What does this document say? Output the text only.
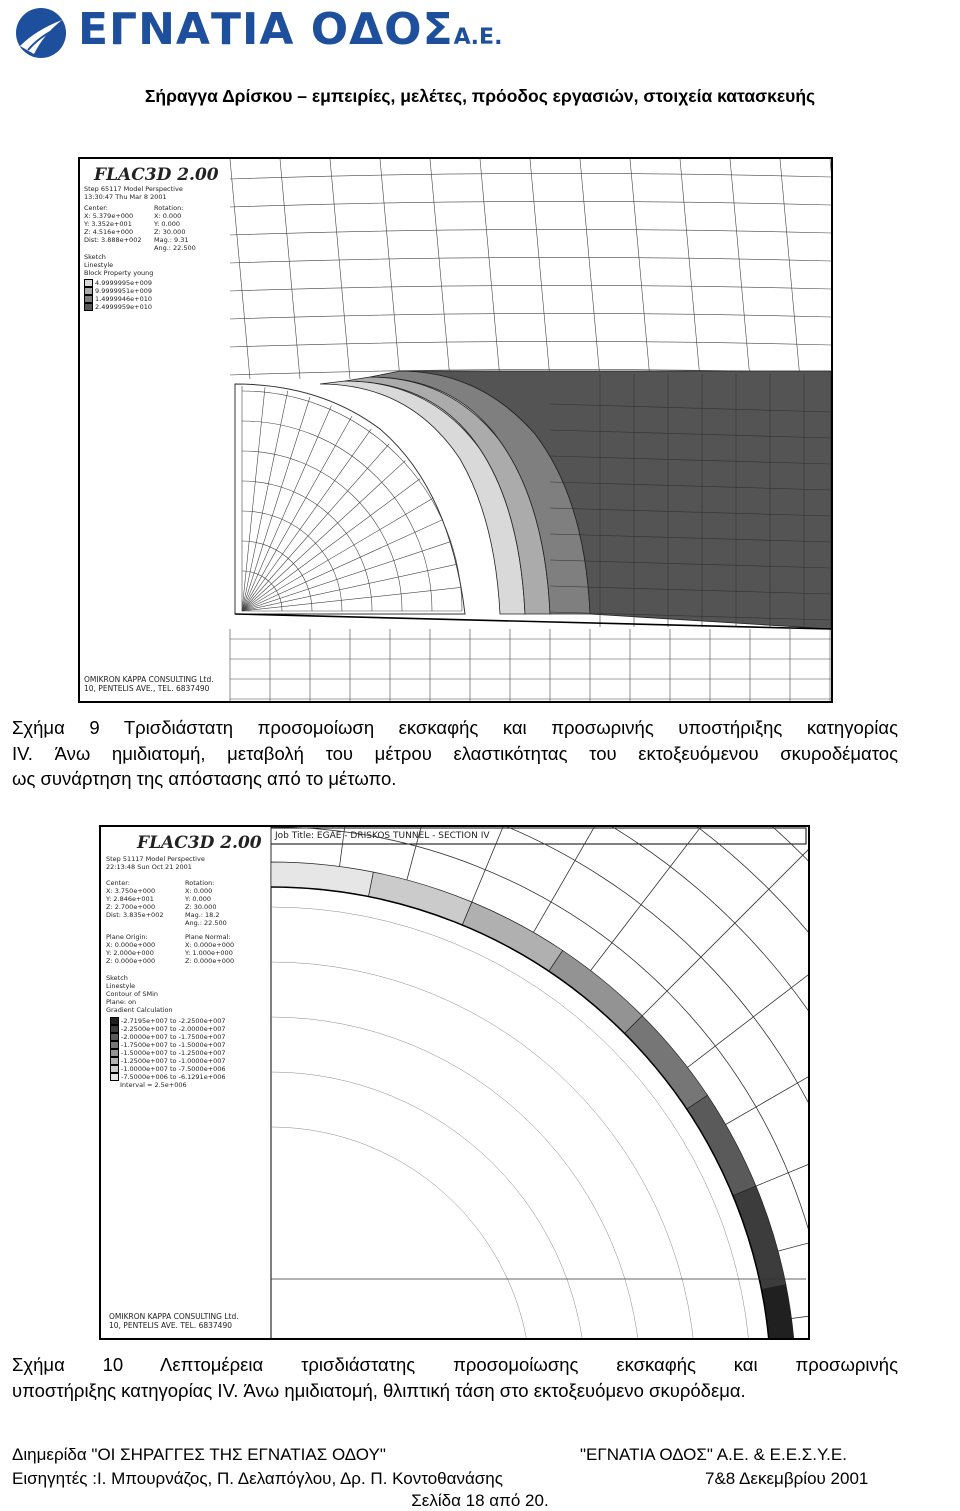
ΕΓΝΑΤΙΑ ΟΔΟΣΑ.Ε.
Σήραγγα Δρίσκου – εμπειρίες, μελέτες, πρόοδος εργασιών, στοιχεία κατασκευής
FLAC3D 2.00
Step 65117 Model Perspective
13:30:47 Thu Mar 8 2001
Center:
X: 5.379e+000
Y: 3.352e+001
Z: 4.516e+000
Dist: 3.888e+002
Rotation:
X: 0.000
Y: 0.000
Z: 30.000
Mag.: 9.31
Ang.: 22.500
Sketch
Linestyle
Block Property young
4.9999995e+009
9.9999951e+009
1.4999946e+010
2.4999959e+010
OMIKRON KAPPA CONSULTING Ltd.
10, PENTELIS AVE., TEL. 6837490
Σχήμα 9 Τρισδιάστατη προσομοίωση εκσκαφής και προσωρινής υποστήριξης κατηγορίας
IV. Άνω ημιδιατομή, μεταβολή του μέτρου ελαστικότητας του εκτοξευόμενου σκυροδέματος
ως συνάρτηση της απόστασης από το μέτωπο.
FLAC3D 2.00 Job Title: EGAE - DRISKOS TUNNEL - SECTION IV
Step 51117 Model Perspective
22:13:48 Sun Oct 21 2001
Center:
X: 3.750e+000
Y: 2.846e+001
Z: 2.700e+000
Dist: 3.835e+002
Rotation:
X: 0.000
Y: 0.000
Z: 30.000
Mag.: 18.2
Ang.: 22.500
Plane Origin:
X: 0.000e+000
Y: 2.000e+000
Z: 0.000e+000
Plane Normal:
X: 0.000e+000
Y: 1.000e+000
Z: 0.000e+000
Sketch
Linestyle
Contour of SMin
Plane: on
Gradient Calculation
-2.7195e+007 to -2.2500e+007
-2.2500e+007 to -2.0000e+007
-2.0000e+007 to -1.7500e+007
-1.7500e+007 to -1.5000e+007
-1.5000e+007 to -1.2500e+007
-1.2500e+007 to -1.0000e+007
-1.0000e+007 to -7.5000e+006
-7.5000e+006 to -6.1291e+006
Interval = 2.5e+006
OMIKRON KAPPA CONSULTING Ltd.
10, PENTELIS AVE. TEL. 6837490
Σχήμα 10 Λεπτομέρεια τρισδιάστατης προσομοίωσης εκσκαφής και προσωρινής
υποστήριξης κατηγορίας IV. Άνω ημιδιατομή, θλιπτική τάση στο εκτοξευόμενο σκυρόδεμα.
Διημερίδα "ΟΙ ΣΗΡΑΓΓΕΣ ΤΗΣ ΕΓΝΑΤΙΑΣ ΟΔΟΥ"	"ΕΓΝΑΤΙΑ ΟΔΟΣ" Α.Ε. & Ε.Ε.Σ.Υ.Ε.
Εισηγητές :Ι. Μπουρνάζος, Π. Δελαπόγλου, Δρ. Π. Κοντοθανάσης	7&8 Δεκεμβρίου 2001
Σελίδα 18 από 20.
